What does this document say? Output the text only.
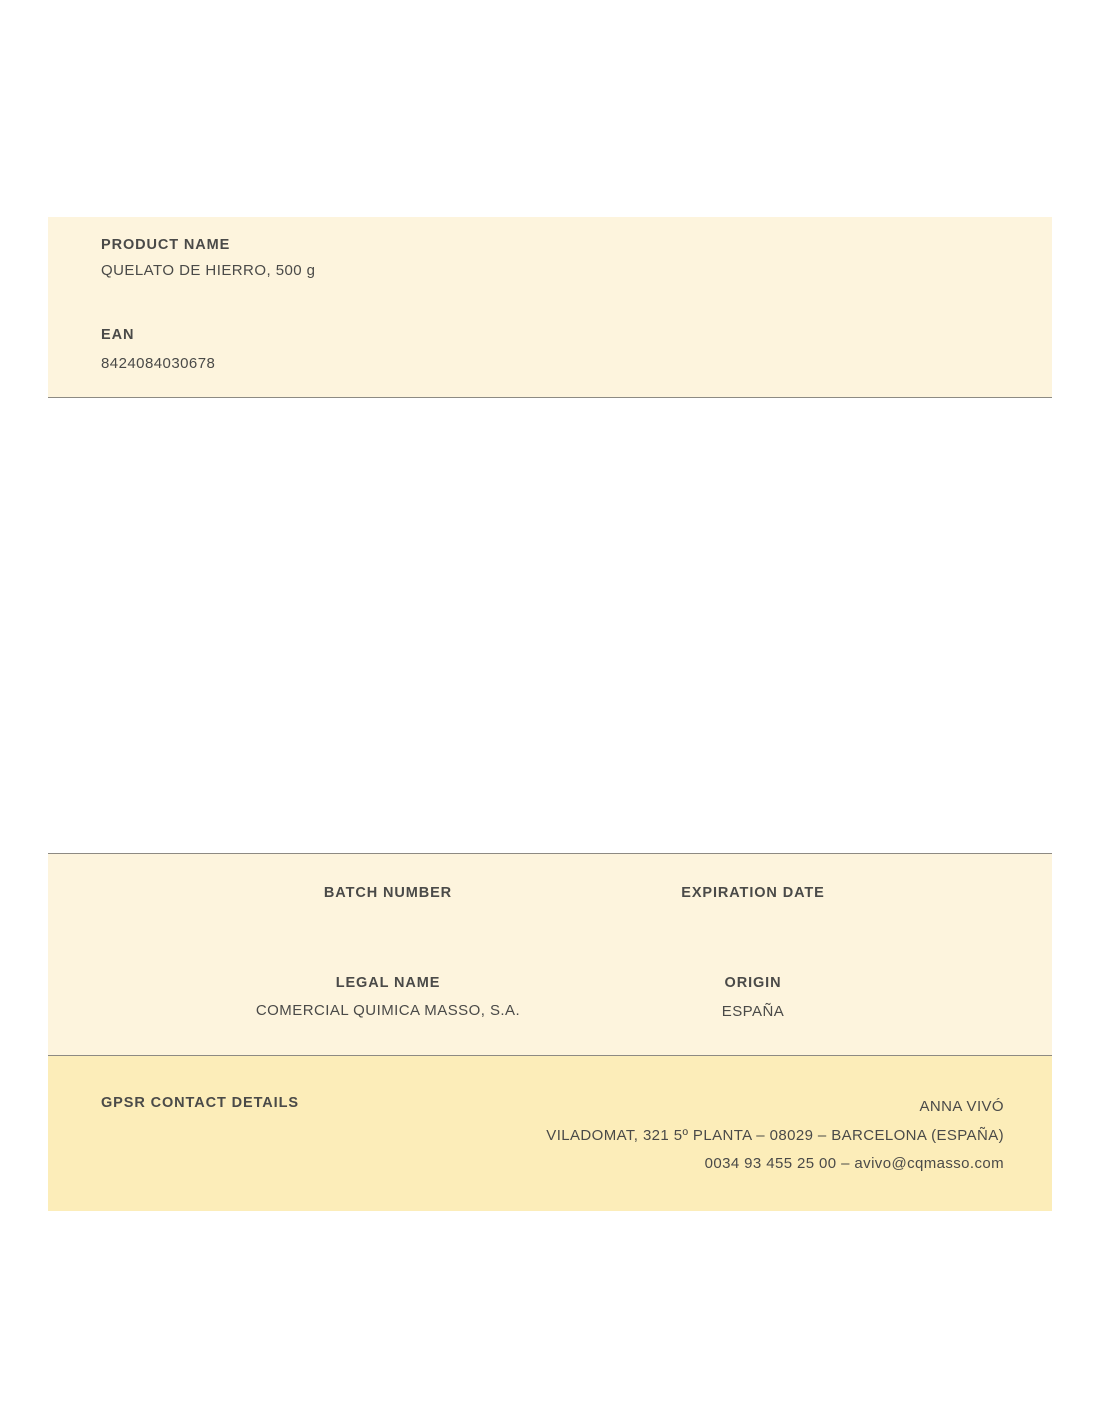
PRODUCT NAME
QUELATO DE HIERRO, 500 g
EAN
8424084030678
BATCH NUMBER	EXPIRATION DATE
LEGAL NAME
COMERCIAL QUIMICA MASSO, S.A.
ORIGIN
ESPAÑA
GPSR CONTACT DETAILS	ANNA VIVÓ
VILADOMAT, 321 5º PLANTA – 08029 – BARCELONA (ESPAÑA)
0034 93 455 25 00 – avivo@cqmasso.com
